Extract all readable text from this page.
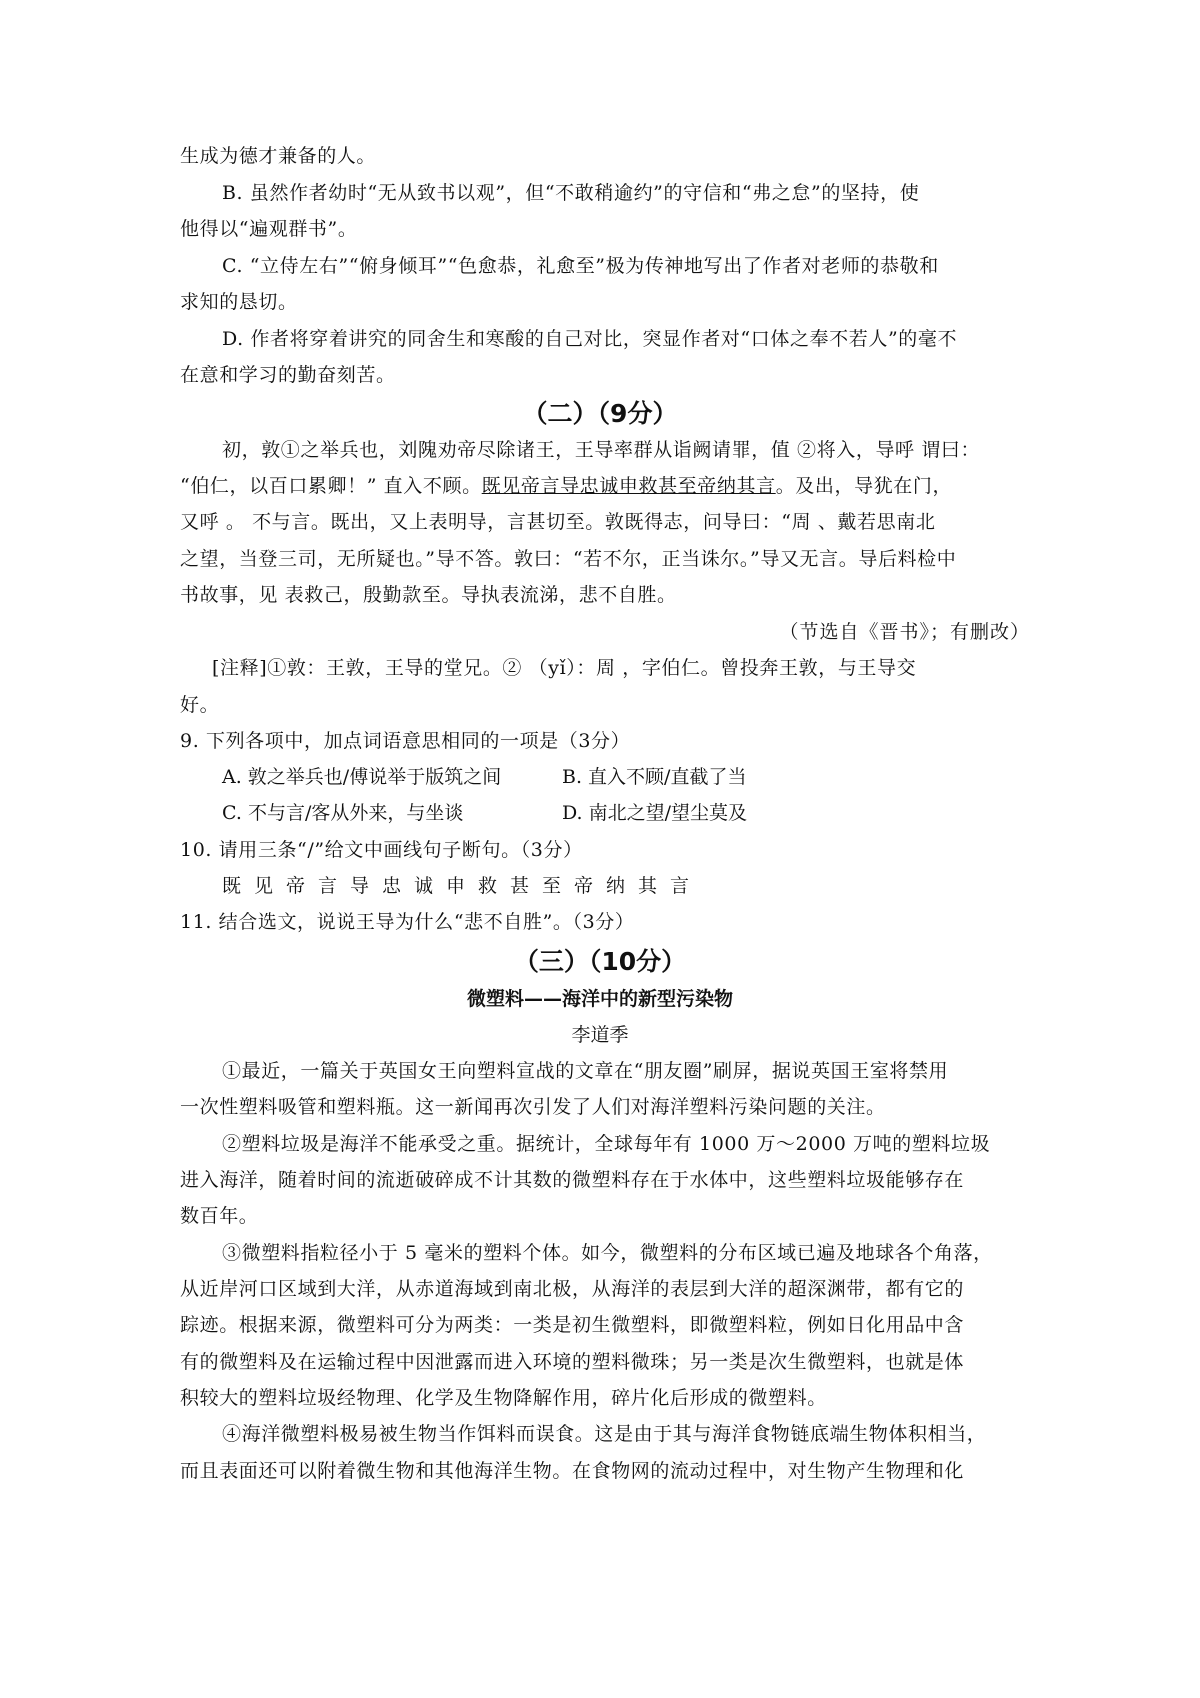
生成为德才兼备的人。
B. 虽然作者幼时“无从致书以观”，但“不敢稍逾约”的守信和“弗之怠”的坚持，使
他得以“遍观群书”。
C. “立侍左右”“俯身倾耳”“色愈恭，礼愈至”极为传神地写出了作者对老师的恭敬和
求知的恳切。
D. 作者将穿着讲究的同舍生和寒酸的自己对比，突显作者对“口体之奉不若人”的毫不
在意和学习的勤奋刻苦。
（二）（9分）
初，敦①之举兵也，刘隗劝帝尽除诸王，王导率群从诣阙请罪，值 ②将入，导呼 谓曰：
“伯仁，以百口累卿！” 直入不顾。既见帝言导忠诚申救甚至帝纳其言。及出，导犹在门，
又呼 。 不与言。既出，又上表明导，言甚切至。敦既得志，问导曰：“周 、戴若思南北
之望，当登三司，无所疑也。”导不答。敦曰：“若不尔，正当诛尔。”导又无言。导后料检中
书故事，见 表救己，殷勤款至。导执表流涕，悲不自胜。
（节选自《晋书》；有删改）
[注释]①敦：王敦，王导的堂兄。② （yǐ）：周 ，字伯仁。曾投奔王敦，与王导交
好。
9. 下列各项中，加点词语意思相同的一项是（3分）
A. 敦之举兵也/傅说举于版筑之间	B. 直入不顾/直截了当
C. 不与言/客从外来，与坐谈	D. 南北之望/望尘莫及
10. 请用三条“/”给文中画线句子断句。（3分）
既见帝言导忠诚申救甚至帝纳其言
11. 结合选文，说说王导为什么“悲不自胜”。（3分）
（三）（10分）
微塑料——海洋中的新型污染物
李道季
①最近，一篇关于英国女王向塑料宣战的文章在“朋友圈”刷屏，据说英国王室将禁用
一次性塑料吸管和塑料瓶。这一新闻再次引发了人们对海洋塑料污染问题的关注。
②塑料垃圾是海洋不能承受之重。据统计，全球每年有 1000 万～2000 万吨的塑料垃圾
进入海洋，随着时间的流逝破碎成不计其数的微塑料存在于水体中，这些塑料垃圾能够存在
数百年。
③微塑料指粒径小于 5 毫米的塑料个体。如今，微塑料的分布区域已遍及地球各个角落，
从近岸河口区域到大洋，从赤道海域到南北极，从海洋的表层到大洋的超深渊带，都有它的
踪迹。根据来源，微塑料可分为两类：一类是初生微塑料，即微塑料粒，例如日化用品中含
有的微塑料及在运输过程中因泄露而进入环境的塑料微珠；另一类是次生微塑料，也就是体
积较大的塑料垃圾经物理、化学及生物降解作用，碎片化后形成的微塑料。
④海洋微塑料极易被生物当作饵料而误食。这是由于其与海洋食物链底端生物体积相当，
而且表面还可以附着微生物和其他海洋生物。在食物网的流动过程中，对生物产生物理和化
